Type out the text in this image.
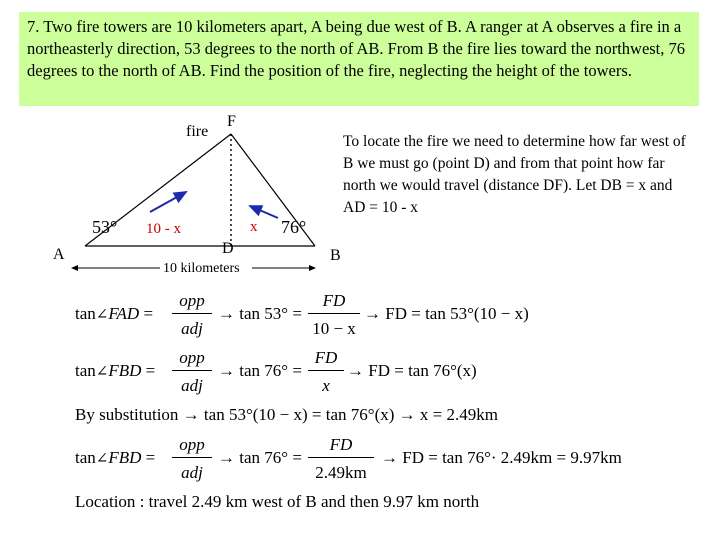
7. Two fire towers are 10 kilometers apart, A being due west of B. A ranger at A observes a fire in a northeasterly direction, 53 degrees to the north of AB. From B the fire lies toward the northwest, 76 degrees to the north of AB. Find the position of the fire, neglecting the height of the towers.
fire
F
A	B
D
53°	76°
10 - x	x
10 kilometers
To locate the fire we need to determine how far west of B we must go (point D) and from that point how far north we would travel (distance DF). Let DB = x and AD = 10 - x
tan∠FAD =
opp
adj
→ tan 53° =
FD
10 − x
→ FD = tan 53°(10 − x)
tan∠FBD =
opp
adj
→ tan 76° =
FD
x
→ FD = tan 76°(x)
By substitution → tan 53°(10 − x) = tan 76°(x) → x = 2.49km
tan∠FBD =
opp
adj
→ tan 76° =
FD
2.49km
→ FD = tan 76°· 2.49km = 9.97km
Location : travel 2.49 km west of B and then 9.97 km north
